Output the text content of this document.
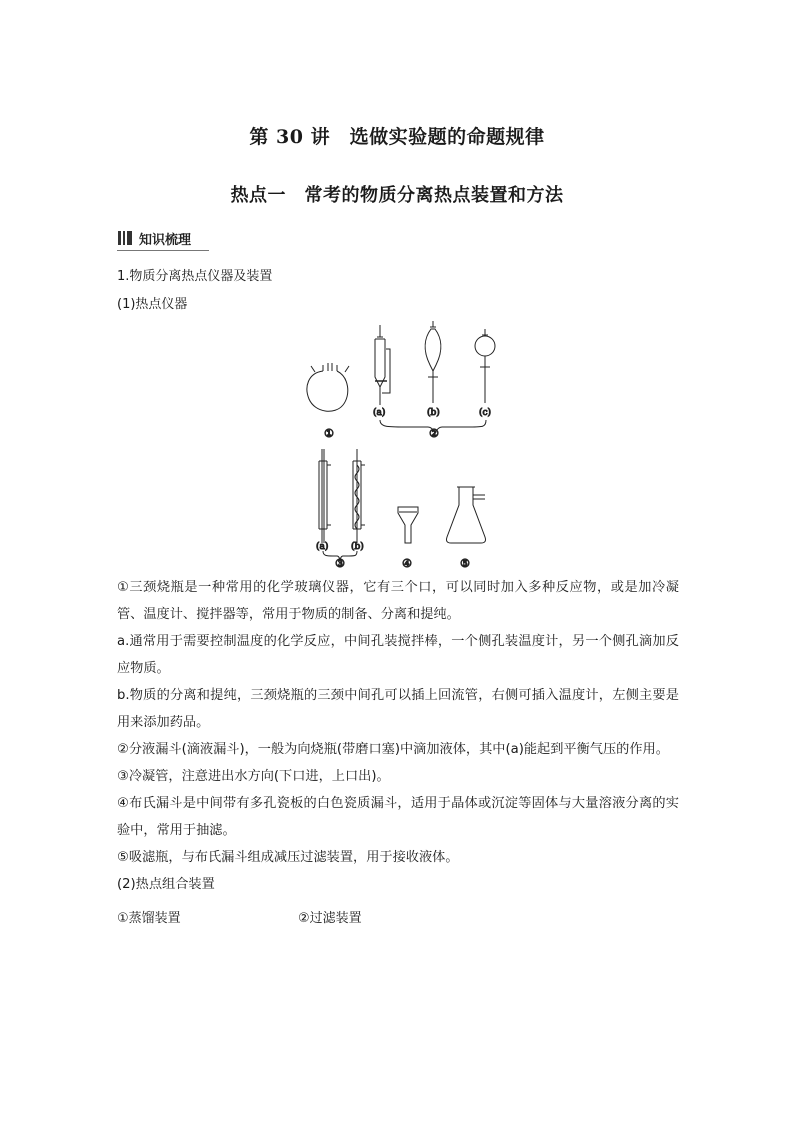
第 30 讲　选做实验题的命题规律
热点一　常考的物质分离热点装置和方法
知识梳理

1.物质分离热点仪器及装置

(1)热点仪器

①
(a)	(b)	(c)
②
(a)	(b)
③	④	⑤

①三颈烧瓶是一种常用的化学玻璃仪器，它有三个口，可以同时加入多种反应物，或是加冷凝管、温度计、搅拌器等，常用于物质的制备、分离和提纯。

a.通常用于需要控制温度的化学反应，中间孔装搅拌棒，一个侧孔装温度计，另一个侧孔滴加反应物质。

b.物质的分离和提纯，三颈烧瓶的三颈中间孔可以插上回流管，右侧可插入温度计，左侧主要是用来添加药品。

②分液漏斗(滴液漏斗)，一般为向烧瓶(带磨口塞)中滴加液体，其中(a)能起到平衡气压的作用。

③冷凝管，注意进出水方向(下口进，上口出)。

④布氏漏斗是中间带有多孔瓷板的白色瓷质漏斗，适用于晶体或沉淀等固体与大量溶液分离的实验中，常用于抽滤。

⑤吸滤瓶，与布氏漏斗组成减压过滤装置，用于接收液体。

(2)热点组合装置

①蒸馏装置	②过滤装置
